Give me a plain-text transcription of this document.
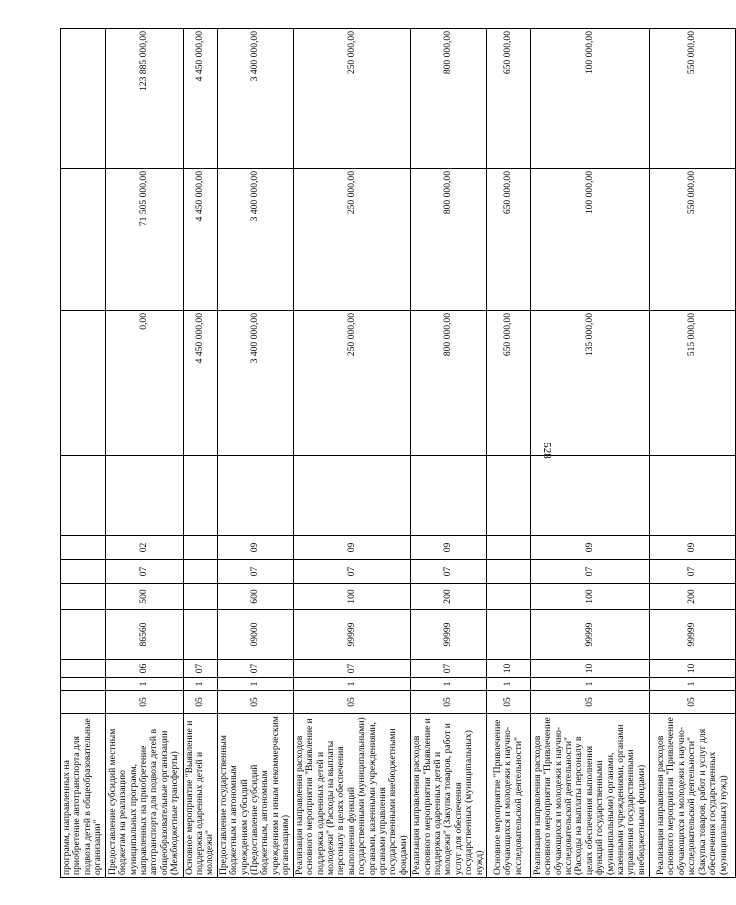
528
программ, направленных на приобретение автотранспорта для подвоза детей в общеобразовательные организации"											
Предоставление субсидий местным бюджетам на реализацию муниципальных программ, направленных на приобретение автотранспорта для подвоза детей в общеобразовательные организации (Межбюджетные трансферты)	05	1	06	86560	500	07	02		0,00	71 505 000,00	123 885 000,00
Основное мероприятие "Выявление и поддержка одаренных детей и молодежи"	05	1	07						4 450 000,00	4 450 000,00	4 450 000,00
Предоставление государственным бюджетным и автономным учреждениям субсидий (Предоставление субсидий бюджетным, автономным учреждениям и иным некоммерческим организациям)	05	1	07	09000	600	07	09		3 400 000,00	3 400 000,00	3 400 000,00
Реализация направления расходов основного мероприятия "Выявление и поддержка одаренных детей и молодежи" (Расходы на выплаты персоналу в целях обеспечения выполнения функций государственными (муниципальными) органами, казенными учреждениями, органами управления государственными внебюджетными фондами)	05	1	07	99999	100	07	09		250 000,00	250 000,00	250 000,00
Реализация направления расходов основного мероприятия "Выявление и поддержка одаренных детей и молодежи" (Закупка товаров, работ и услуг для обеспечения государственных (муниципальных) нужд)	05	1	07	99999	200	07	09		800 000,00	800 000,00	800 000,00
Основное мероприятие "Привлечение обучающихся и молодежи к научно-исследовательской деятельности"	05	1	10						650 000,00	650 000,00	650 000,00
Реализация направления расходов основного мероприятия "Привлечение обучающихся и молодежи к научно-исследовательской деятельности" (Расходы на выплаты персоналу в целях обеспечения выполнения функций государственными (муниципальными) органами, казенными учреждениями, органами управления государственными внебюджетными фондами)	05	1	10	99999	100	07	09		135 000,00	100 000,00	100 000,00
Реализация направления расходов основного мероприятия "Привлечение обучающихся и молодежи к научно-исследовательской деятельности" (Закупка товаров, работ и услуг для обеспечения государственных (муниципальных) нужд)	05	1	10	99999	200	07	09		515 000,00	550 000,00	550 000,00
